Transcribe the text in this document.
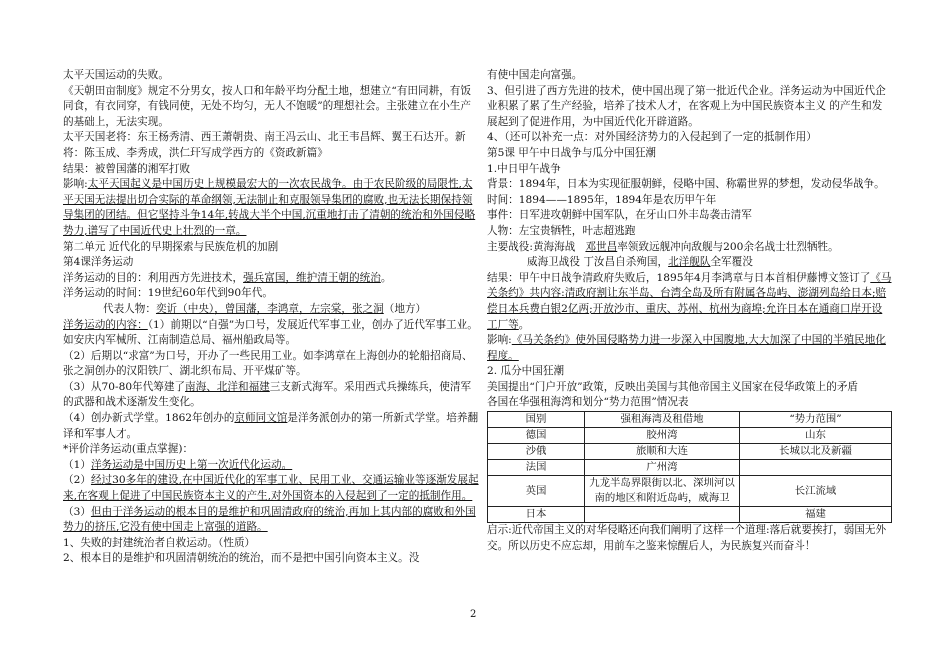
太平天国运动的失败。

《天朝田亩制度》规定不分男女，按人口和年龄平均分配土地，想建立“有田同耕，有饭同食，有衣同穿，有钱同使，无处不均匀，无人不饱暖”的理想社会。主张建立在小生产的基础上，无法实现。

太平天国老将：东王杨秀清、西王萧朝贵、南王冯云山、北王韦昌辉、翼王石达开。新将：陈玉成、李秀成，洪仁玕写成学西方的《资政新篇》

结果：被曾国藩的湘军打败

影响:太平天国起义是中国历史上规模最宏大的一次农民战争。由于农民阶级的局限性,太平天国无法提出切合实际的革命纲领,无法制止和克服领导集团的腐败,也无法长期保持领导集团的团结。但它坚持斗争14年,转战大半个中国,沉重地打击了清朝的统治和外国侵略势力,谱写了中国近代史上壮烈的一章。

第二单元 近代化的早期探索与民族危机的加剧

第4课洋务运动

洋务运动的目的：利用西方先进技术，强兵富国，维护清王朝的统治。

洋务运动的时间：19世纪60年代到90年代。

代表人物：奕䜣（中央），曾国藩，李鸿章，左宗棠，张之洞（地方）

洋务运动的内容：（1）前期以“自强”为口号，发展近代军事工业，创办了近代军事工业。如安庆内军械所、江南制造总局、福州船政局等。

（2）后期以“求富”为口号，开办了一些民用工业。如李鸿章在上海创办的轮船招商局、张之洞创办的汉阳铁厂、湖北织布局、开平煤矿等。

（3）从70-80年代筹建了南海、北洋和福建三支新式海军。采用西式兵操练兵，使清军的武器和战术逐渐发生变化。

（4）创办新式学堂。1862年创办的京师同文馆是洋务派创办的第一所新式学堂。培养翻译和军事人才。

*评价洋务运动(重点掌握)：

（1）洋务运动是中国历史上第一次近代化运动。

（2）经过30多年的建设,在中国近代化的军事工业、民用工业、交通运输业等逐渐发展起来,在客观上促进了中国民族资本主义的产生,对外国资本的入侵起到了一定的抵制作用。

（3）但由于洋务运动的根本目的是维护和巩固清政府的统治,再加上其内部的腐败和外国势力的挤压,它没有使中国走上富强的道路。

1、失败的封建统治者自救运动。（性质）

2、根本目的是维护和巩固清朝统治的统治，而不是把中国引向资本主义。没

有使中国走向富强。

3、但引进了西方先进的技术，使中国出现了第一批近代企业。洋务运动为中国近代企业积累了累了生产经验，培养了技术人才，在客观上为中国民族资本主义 的产生和发展起到了促进作用，为中国近代化开辟道路。

4、（还可以补充一点：对外国经济势力的入侵起到了一定的抵制作用）

第5课 甲午中日战争与瓜分中国狂潮

1.中日甲午战争

背景：1894年，日本为实现征服朝鲜，侵略中国、称霸世界的梦想，发动侵华战争。

时间：1894——1895年，1894年是农历甲午年

事件：日军进攻朝鲜中国军队，在牙山口外丰岛袭击清军

人物：左宝贵牺牲，叶志超逃跑

主要战役:黄海海战 邓世昌率领致远舰冲向敌舰与200余名战士壮烈牺牲。

威海卫战役 丁汝昌自杀殉国，北洋舰队全军覆没

结果：甲午中日战争清政府失败后，1895年4月李鸿章与日本首相伊藤博文签订了《马关条约》共内容:清政府割让东半岛、台湾全岛及所有附属各岛屿、澎湖列岛给日本;赔偿日本兵费白银2亿两;开放沙市、重庆、苏州、杭州为商埠;允许日本在通商口岸开设工厂等。

影响:《马关条约》使外国侵略势力进一步深入中国腹地,大大加深了中国的半殖民地化程度。

2. 瓜分中国狂潮

美国提出“门户开放”政策，反映出美国与其他帝国主义国家在侵华政策上的矛盾

各国在华强租海湾和划分“势力范围”情况表

国别	强租海湾及租借地	“势力范围”
德国	胶州湾	山东
沙俄	旅顺和大连	长城以北及新疆
法国	广州湾	
英国	九龙半岛界限街以北、深圳河以南的地区和附近岛屿，威海卫	长江流域
日本		福建

启示:近代帝国主义的对华侵略还向我们阐明了这样一个道理:落后就要挨打，弱国无外交。所以历史不应忘却，用前车之鉴来惊醒后人，为民族复兴而奋斗！

2
